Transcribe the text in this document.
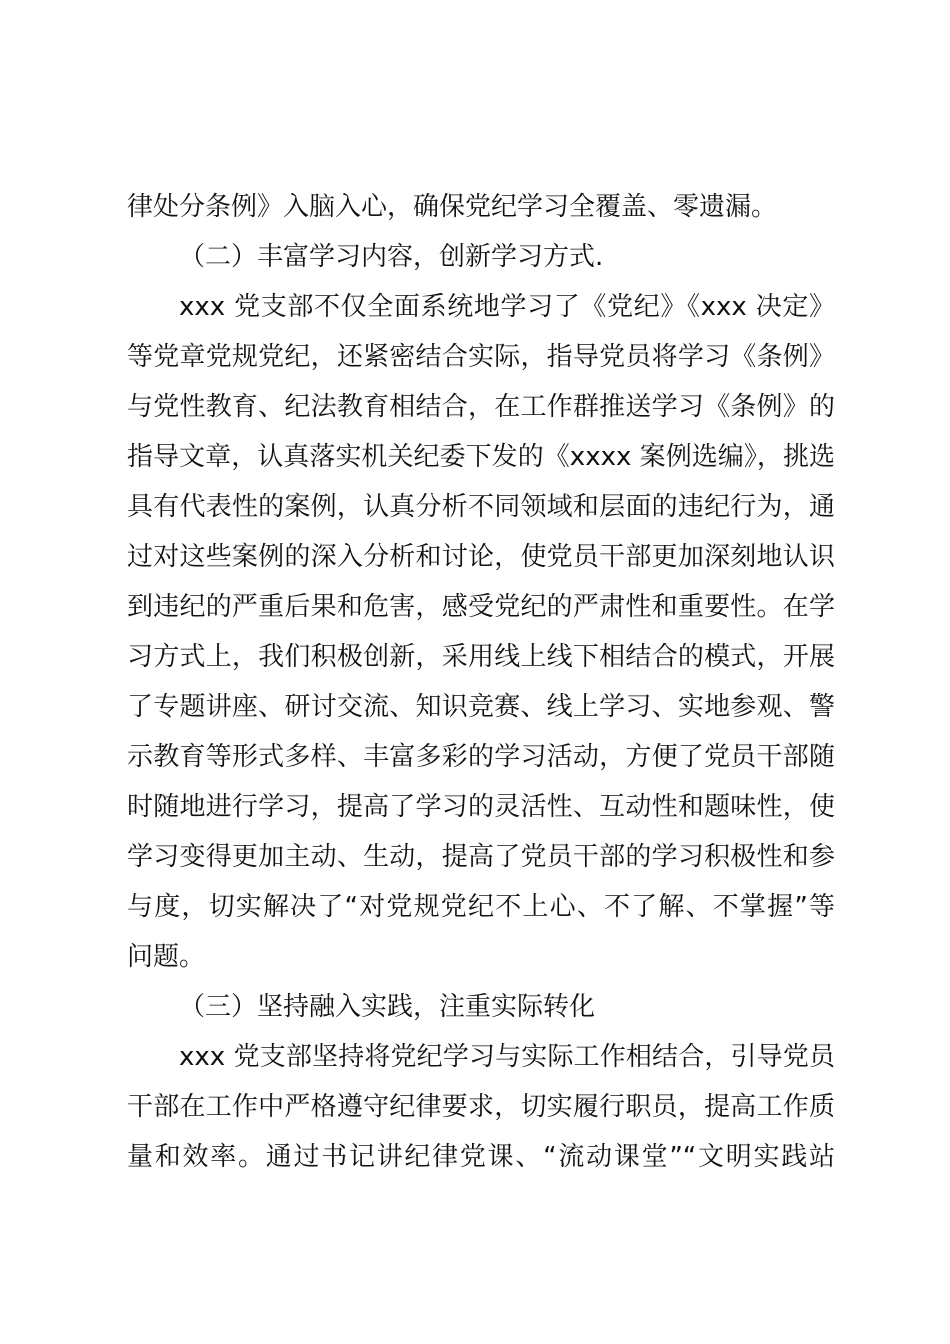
律处分条例》入脑入心，确保党纪学习全覆盖、零遗漏。
（二）丰富学习内容，创新学习方式.
xxx 党支部不仅全面系统地学习了《党纪》《xxx 决定》
等党章党规党纪，还紧密结合实际，指导党员将学习《条例》
与党性教育、纪法教育相结合，在工作群推送学习《条例》的
指导文章，认真落实机关纪委下发的《xxxx 案例选编》，挑选
具有代表性的案例，认真分析不同领域和层面的违纪行为，通
过对这些案例的深入分析和讨论，使党员干部更加深刻地认识
到违纪的严重后果和危害，感受党纪的严肃性和重要性。在学
习方式上，我们积极创新，采用线上线下相结合的模式，开展
了专题讲座、研讨交流、知识竞赛、线上学习、实地参观、警
示教育等形式多样、丰富多彩的学习活动，方便了党员干部随
时随地进行学习，提高了学习的灵活性、互动性和题味性，使
学习变得更加主动、生动，提高了党员干部的学习积极性和参
与度，切实解决了“对党规党纪不上心、不了解、不掌握”等
问题。
（三）坚持融入实践，注重实际转化
xxx 党支部坚持将党纪学习与实际工作相结合，引导党员
干部在工作中严格遵守纪律要求，切实履行职员，提高工作质
量和效率。通过书记讲纪律党课、“流动课堂”“文明实践站
